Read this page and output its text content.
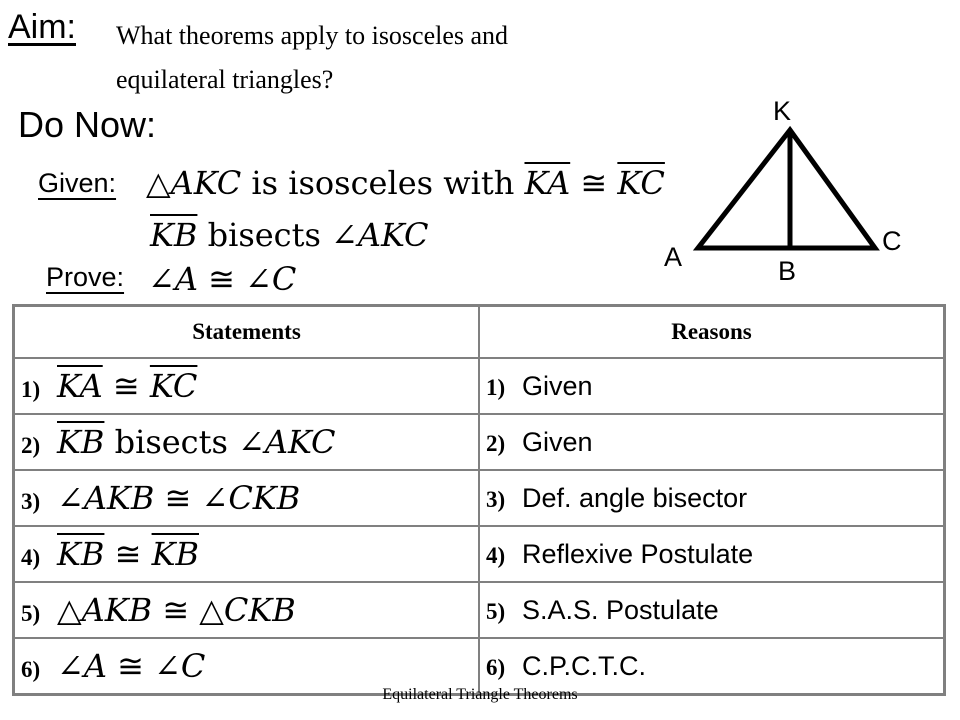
Aim: What theorems apply to isosceles and
equilateral triangles?
Do Now:
Given: △AKC is isosceles with $\overline{KA}$ ≅ $\overline{KC}$
$\overline{KB}$ bisects ∠AKC
Prove: ∠A ≅ ∠C
K
A	B
C
Statements	Reasons
1) $\overline{KA}$ ≅ $\overline{KC}$	1) Given
2) $\overline{KB}$ bisects ∠AKC	2) Given
3) ∠AKB ≅ ∠CKB	3) Def. angle bisector
4) $\overline{KB}$ ≅ $\overline{KB}$	4) Reflexive Postulate
5) △AKB ≅ △CKB	5) S.A.S. Postulate
6) ∠A ≅ ∠C	6) C.P.C.T.C.
Equilateral Triangle Theorems
